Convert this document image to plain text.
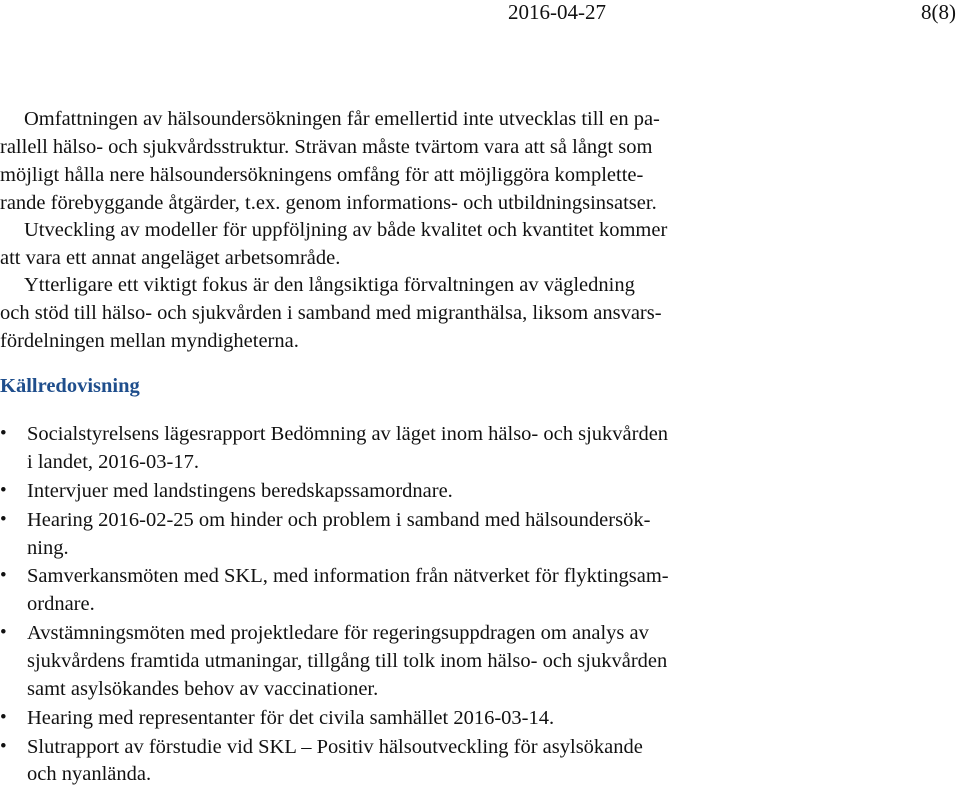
2016-04-27	8(8)
Omfattningen av hälsoundersökningen får emellertid inte utvecklas till en pa-
rallell hälso- och sjukvårdsstruktur. Strävan måste tvärtom vara att så långt som
möjligt hålla nere hälsoundersökningens omfång för att möjliggöra komplette-
rande förebyggande åtgärder, t.ex. genom informations- och utbildningsinsatser.
Utveckling av modeller för uppföljning av både kvalitet och kvantitet kommer
att vara ett annat angeläget arbetsområde.
Ytterligare ett viktigt fokus är den långsiktiga förvaltningen av vägledning
och stöd till hälso- och sjukvården i samband med migranthälsa, liksom ansvars-
fördelningen mellan myndigheterna.
Källredovisning
• Socialstyrelsens lägesrapport Bedömning av läget inom hälso- och sjukvården
i landet, 2016-03-17.
• Intervjuer med landstingens beredskapssamordnare.
• Hearing 2016-02-25 om hinder och problem i samband med hälsoundersök-
ning.
• Samverkansmöten med SKL, med information från nätverket för flyktingsam-
ordnare.
• Avstämningsmöten med projektledare för regeringsuppdragen om analys av
sjukvårdens framtida utmaningar, tillgång till tolk inom hälso- och sjukvården
samt asylsökandes behov av vaccinationer.
• Hearing med representanter för det civila samhället 2016-03-14.
• Slutrapport av förstudie vid SKL – Positiv hälsoutveckling för asylsökande
och nyanlända.
